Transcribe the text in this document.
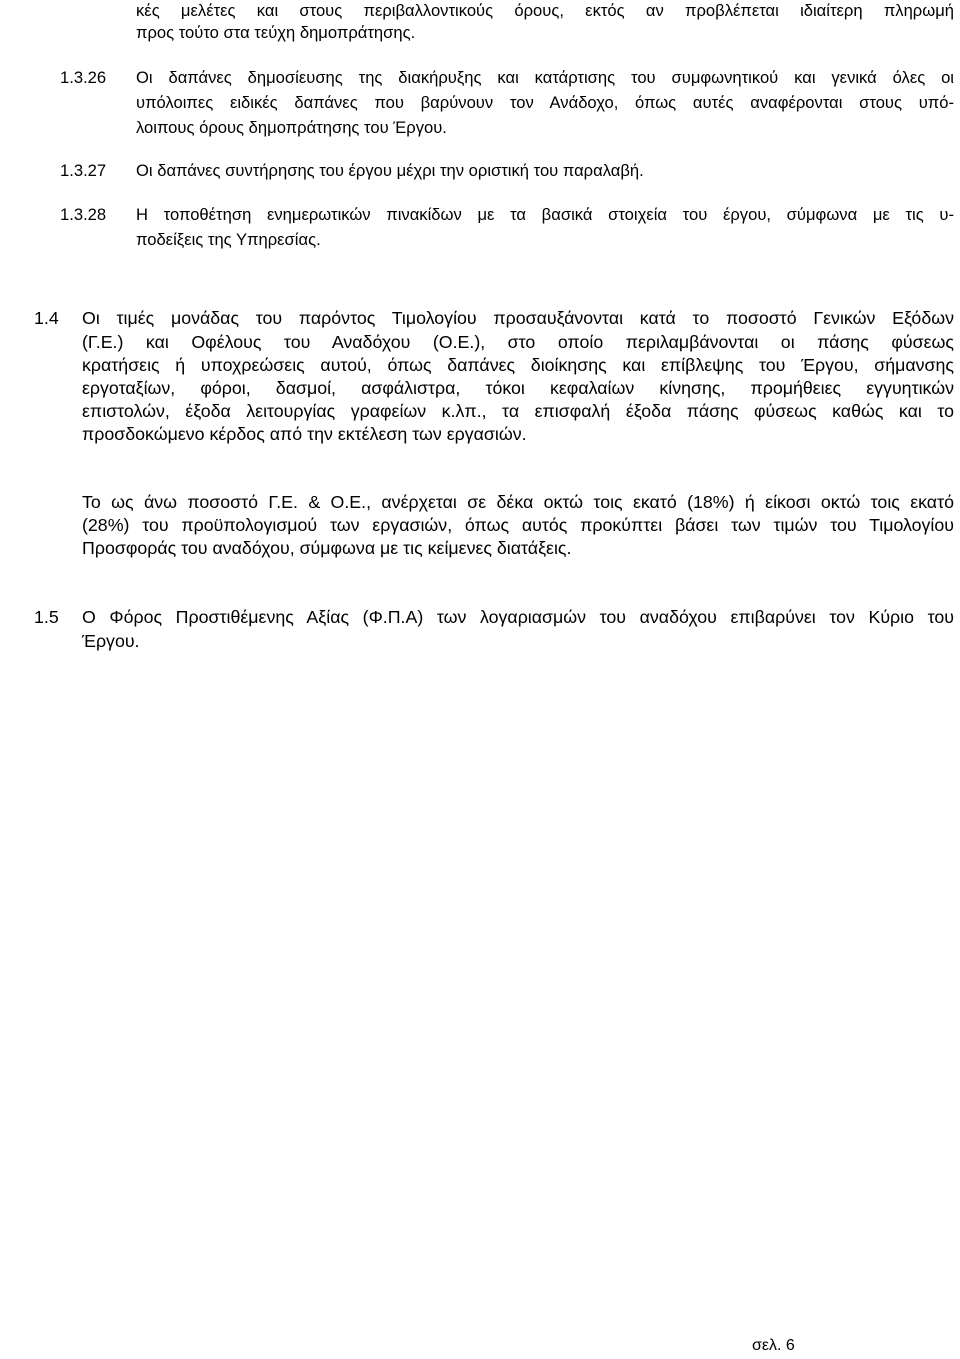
κές μελέτες και στους περιβαλλοντικούς όρους, εκτός αν προβλέπεται ιδιαίτερη πληρωμή
προς τούτο στα τεύχη δημοπράτησης.
1.3.26 Οι δαπάνες δημοσίευσης της διακήρυξης και κατάρτισης του συμφωνητικού και γενικά όλες οι
υπόλοιπες ειδικές δαπάνες που βαρύνουν τον Ανάδοχο, όπως αυτές αναφέρονται στους υπό-
λοιπους όρους δημοπράτησης του Έργου.
1.3.27 Οι δαπάνες συντήρησης του έργου μέχρι την οριστική του παραλαβή.
1.3.28 Η τοποθέτηση ενημερωτικών πινακίδων με τα βασικά στοιχεία του έργου, σύμφωνα με τις υ-
ποδείξεις της Υπηρεσίας.
1.4 Οι τιμές μονάδας του παρόντος Τιμολογίου προσαυξάνονται κατά το ποσοστό Γενικών Εξόδων
(Γ.Ε.) και Οφέλους του Αναδόχου (Ο.Ε.), στο οποίο περιλαμβάνονται οι πάσης φύσεως
κρατήσεις ή υποχρεώσεις αυτού, όπως δαπάνες διοίκησης και επίβλεψης του Έργου, σήμανσης
εργοταξίων, φόροι, δασμοί, ασφάλιστρα, τόκοι κεφαλαίων κίνησης, προμήθειες εγγυητικών
επιστολών, έξοδα λειτουργίας γραφείων κ.λπ., τα επισφαλή έξοδα πάσης φύσεως καθώς και το
προσδοκώμενο κέρδος από την εκτέλεση των εργασιών.
Το ως άνω ποσοστό Γ.Ε. & Ο.Ε., ανέρχεται σε δέκα οκτώ τοις εκατό (18%) ή είκοσι οκτώ τοις εκατό
(28%) του προϋπολογισμού των εργασιών, όπως αυτός προκύπτει βάσει των τιμών του Τιμολογίου
Προσφοράς του αναδόχου, σύμφωνα με τις κείμενες διατάξεις.
1.5 Ο Φόρος Προστιθέμενης Αξίας (Φ.Π.Α) των λογαριασμών του αναδόχου επιβαρύνει τον Κύριο του
Έργου.
σελ. 6
